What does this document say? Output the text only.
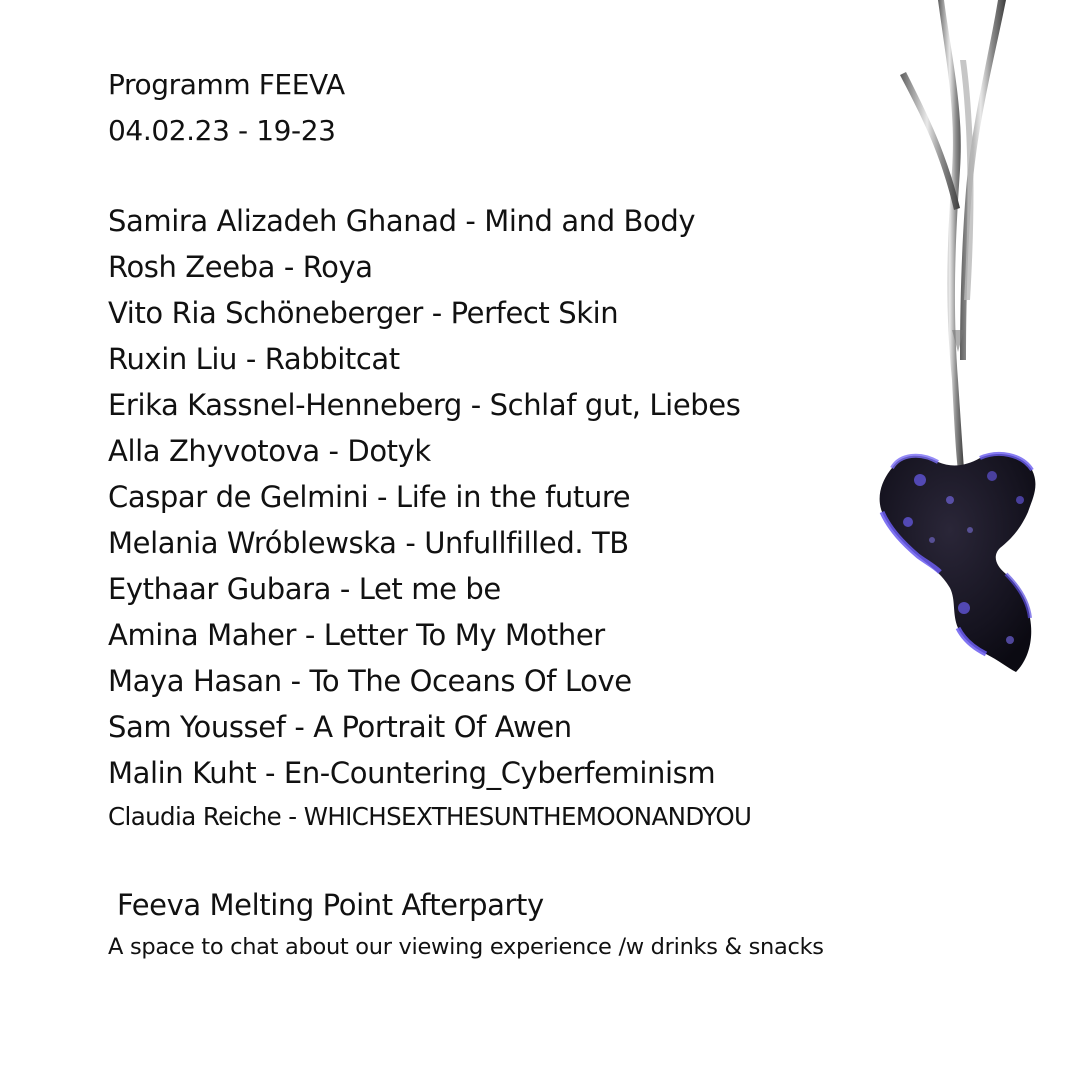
Programm FEEVA

04.02.23 - 19-23

Samira Alizadeh Ghanad - Mind and Body

Rosh Zeeba - Roya

Vito Ria Schöneberger - Perfect Skin

Ruxin Liu - Rabbitcat

Erika Kassnel-Henneberg - Schlaf gut, Liebes

Alla Zhyvotova - Dotyk

Caspar de Gelmini - Life in the future

Melania Wróblewska - Unfullfilled. TB

Eythaar Gubara - Let me be

Amina Maher - Letter To My Mother

Maya Hasan - To The Oceans Of Love

Sam Youssef - A Portrait Of Awen

Malin Kuht - En-Countering_Cyberfeminism

Claudia Reiche - WHICHSEXTHESUNTHEMOONANDYOU

Feeva Melting Point Afterparty

A space to chat about our viewing experience /w drinks & snacks
